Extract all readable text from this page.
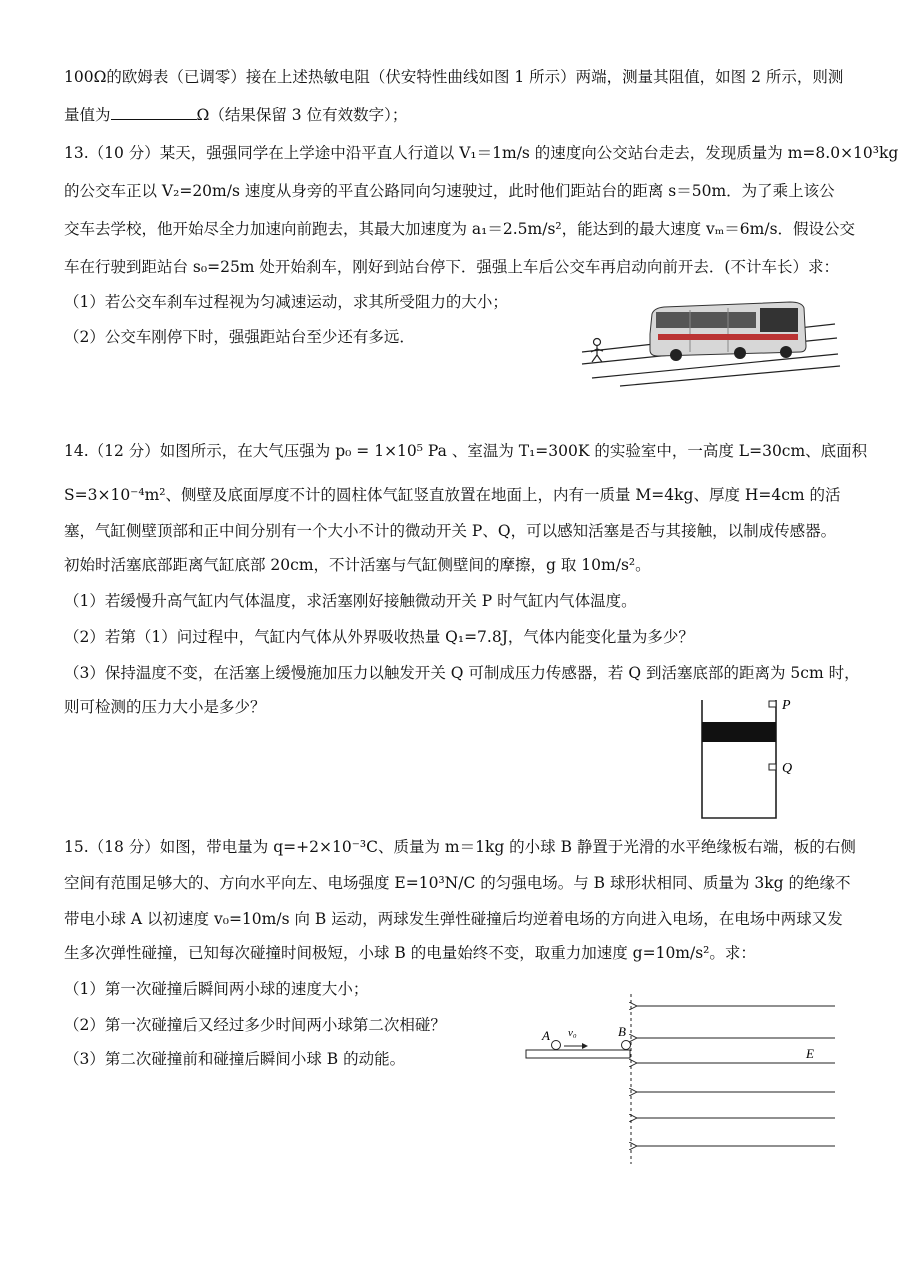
100Ω的欧姆表（已调零）接在上述热敏电阻（伏安特性曲线如图 1 所示）两端，测量其阻值，如图 2 所示，则测
量值为	Ω（结果保留 3 位有效数字）；
13.（10 分）某天，强强同学在上学途中沿平直人行道以 V₁＝1m/s 的速度向公交站台走去，发现质量为 m=8.0×10³kg
的公交车正以 V₂=20m/s 速度从身旁的平直公路同向匀速驶过，此时他们距站台的距离 s＝50m．为了乘上该公
交车去学校，他开始尽全力加速向前跑去，其最大加速度为 a₁＝2.5m/s²，能达到的最大速度 vₘ＝6m/s．假设公交
车在行驶到距站台 s₀=25m 处开始刹车，刚好到站台停下．强强上车后公交车再启动向前开去．(不计车长）求：
（1）若公交车刹车过程视为匀减速运动，求其所受阻力的大小；
（2）公交车刚停下时，强强距站台至少还有多远．
14.（12 分）如图所示，在大气压强为 p₀ = 1×10⁵ Pa 、室温为 T₁=300K 的实验室中，一高度 L=30cm、底面积
S=3×10⁻⁴m²、侧壁及底面厚度不计的圆柱体气缸竖直放置在地面上，内有一质量 M=4kg、厚度 H=4cm 的活
塞，气缸侧壁顶部和正中间分别有一个大小不计的微动开关 P、Q，可以感知活塞是否与其接触，以制成传感器。
初始时活塞底部距离气缸底部 20cm，不计活塞与气缸侧壁间的摩擦，g 取 10m/s²。
（1）若缓慢升高气缸内气体温度，求活塞刚好接触微动开关 P 时气缸内气体温度。
（2）若第（1）问过程中，气缸内气体从外界吸收热量 Q₁=7.8J，气体内能变化量为多少？
（3）保持温度不变，在活塞上缓慢施加压力以触发开关 Q 可制成压力传感器，若 Q 到活塞底部的距离为 5cm 时，
则可检测的压力大小是多少？	P
Q
15.（18 分）如图，带电量为 q=+2×10⁻³C、质量为 m＝1kg 的小球 B 静置于光滑的水平绝缘板右端，板的右侧
空间有范围足够大的、方向水平向左、电场强度 E=10³N/C 的匀强电场。与 B 球形状相同、质量为 3kg 的绝缘不
带电小球 A 以初速度 v₀=10m/s 向 B 运动，两球发生弹性碰撞后均逆着电场的方向进入电场，在电场中两球又发
生多次弹性碰撞，已知每次碰撞时间极短，小球 B 的电量始终不变，取重力加速度 g=10m/s²。求：
（1）第一次碰撞后瞬间两小球的速度大小；
（2）第一次碰撞后又经过多少时间两小球第二次相碰？
（3）第二次碰撞前和碰撞后瞬间小球 B 的动能。
A v₀	B
E
